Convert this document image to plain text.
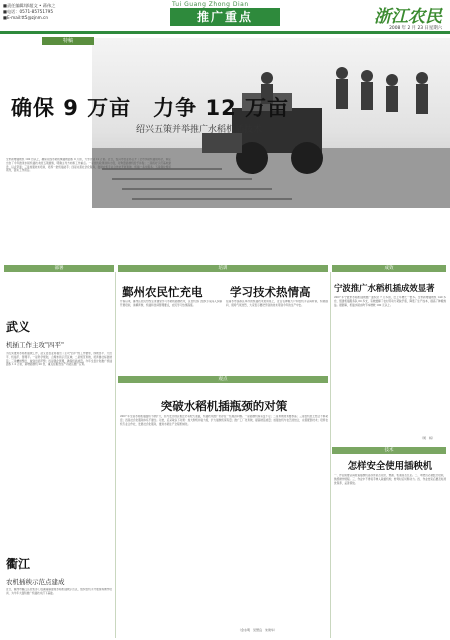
■责任编辑/郭超文 • 蒋伟之
■电话：0571-85751795
■E-mail:tt5@zjnm.cn
Tui Guang Zhong Dian
推广重点	浙江农民
2008 年 2 月 23 日星期六
特稿
确保 9 万亩　力争 12 万亩
绍兴五策并举推广水稻机插技术
全市新增插秧机 100 台以上，确保完成水稻机械插秧面积 9 万亩，力争达到 12 万亩。近日，绍兴市农业局召开了全市水稻机插现场会，制定出台了今年推进水稻机插技术的五项措施，明确主攻方向和工作重点。一是加大政策扶持力度，对购置插秧机给予补贴；二是抓好示范基地建设，以点带面；三是加强技术培训，培养一批机插能手；四是完善社会化服务，鼓励农机专业合作社开展育秧、机插一条龙服务；五是强化组织领导，落实工作责任。
部署	培训	成效
武义
机插工作主攻"四平"
为扎实推进水稻机插秧工作，武义县农业局提出了主攻"四平"的工作要求，即秧田平、大田平、机插平、管理平。一是科学规划，合理布局示范区域；二是规范育秧，培育健壮标准秧苗；三是精细整田，做到田面平整；四是强化管理，确保机插质量。今年全县计划推广机插面积 1.2 万亩，新增插秧机 20 台，重点在粮食生产功能区推广应用。
衢江
农机插秧示范点建成
近日，衢州市衢江区农机部门在湖南镇建成水稻机插秧示范点，组织农机手开展现场操作培训，为今年大面积推广机插技术打下基础。
鄞州农民忙充电 学习技术热情高
开春以来，鄞州区农民纷纷走进课堂学习水稻机插秧技术，区农机部门组织专家深入乡镇开展培训，讲解育秧、机插和田间管理要点，农民学习热情高涨。
在丽水市莲都区举办的机插技术培训班上，近百名种粮大户和农机手认真听讲，积极提问，现场气氛热烈，大家表示要把学到的技术用到今年的生产中去。
观点
突破水稻机插瓶颈的对策
2007 年全省水稻机插面积不断扩大，但与发达地区相比仍有较大差距，机插技术推广仍存在一些瓶颈问题。一是插秧机保有量不足；二是育秧技术要求高；三是农机农艺结合不够紧密；四是社会化服务体系不健全。对此，应采取以下对策：加大购机补贴力度，扩大插秧机保有量；推广工厂化育秧，提高秧苗质量；加强农机与农艺的结合，完善配套技术；培育农机专业合作社，发展社会化服务，推进水稻生产全程机械化。
（金永明　吴慧良　朱建华）
宁波推广水稻机插成效显著
2007 年宁波市水稻机插秧推广面积达 7 万多亩，比上年增长一倍多。全市新增插秧机 140 多台，组建机插服务队 60 多支，有效缓解了农村劳动力紧缺矛盾，降低了生产成本，提高了种粮效益。据测算，机插水稻亩均节本增效 100 元以上。
（周　杨）
技术
怎样安全使用插秧机
一、作业前要认真检查插秧机各部件是否完好，燃油、机油是否充足。二、驾驶员必须经过培训，熟悉操作规程。三、作业中不得将手伸入栽植机构，转弯时应切断动力。四、作业结束后要及时清洗保养，妥善停放。
